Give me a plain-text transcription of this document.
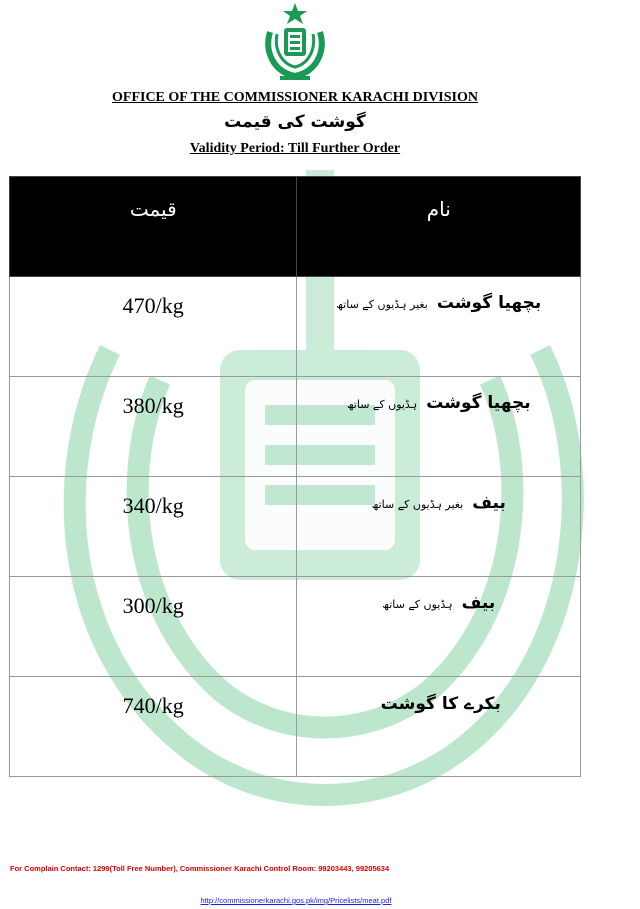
OFFICE OF THE COMMISSIONER KARACHI DIVISION
گوشت کی قیمت
Validity Period: Till Further Order
قیمت	نام
470/kg	بچھیا گوشت بغیر ہڈیوں کے ساتھ

380/kg	بچھیا گوشت ہڈیوں کے ساتھ

340/kg	بیف بغیر ہڈیوں کے ساتھ

300/kg	بیف ہڈیوں کے ساتھ

740/kg	بکرے کا گوشت
For Complain Contact: 1299(Toll Free Number), Commissioner Karachi Control Room: 99203443, 99205634
http://commissionerkarachi.gos.pk/img/Pricelists/meat.pdf
